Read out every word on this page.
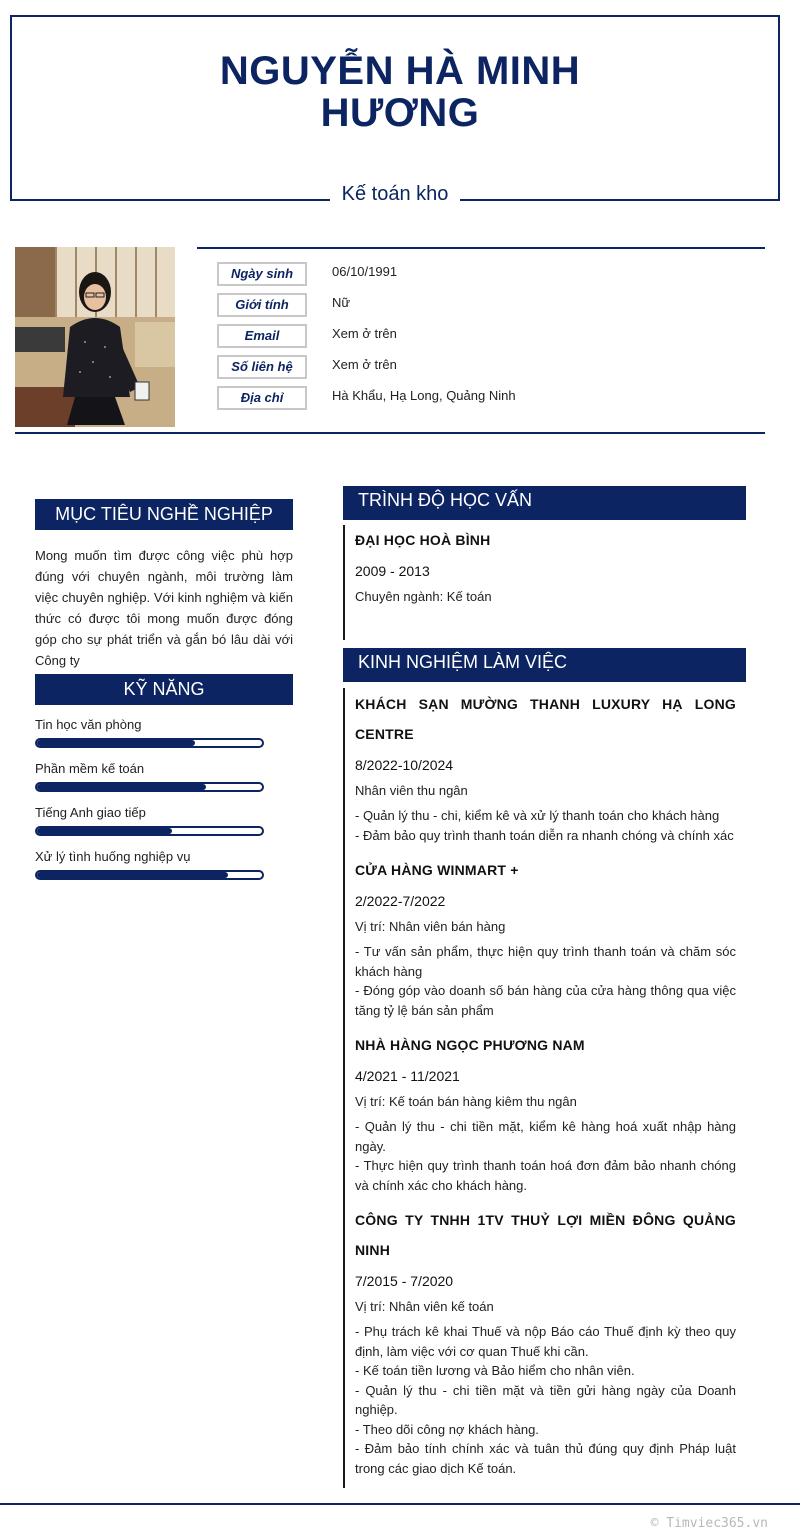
NGUYỄN HÀ MINH
HƯƠNG
Kế toán kho
Ngày sinh	06/10/1991
Giới tính	Nữ
Email	Xem ở trên
Số liên hệ	Xem ở trên
Địa chỉ	Hà Khẩu, Hạ Long, Quảng Ninh
MỤC TIÊU NGHỀ NGHIỆP
Mong muốn tìm được công việc phù hợp đúng với chuyên ngành, môi trường làm việc chuyên nghiệp. Với kinh nghiệm và kiến thức có được tôi mong muốn được đóng góp cho sự phát triển và gắn bó lâu dài với Công ty
KỸ NĂNG
Tin học văn phòng
Phần mềm kế toán
Tiếng Anh giao tiếp
Xử lý tình huống nghiệp vụ
TRÌNH ĐỘ HỌC VẤN
ĐẠI HỌC HOÀ BÌNH
2009 - 2013
Chuyên ngành: Kế toán
KINH NGHIỆM LÀM VIỆC
KHÁCH SẠN MƯỜNG THANH LUXURY HẠ LONG CENTRE
8/2022-10/2024
Nhân viên thu ngân
- Quản lý thu - chi, kiểm kê và xử lý thanh toán cho khách hàng
- Đảm bảo quy trình thanh toán diễn ra nhanh chóng và chính xác
CỬA HÀNG WINMART +
2/2022-7/2022
Vị trí: Nhân viên bán hàng
- Tư vấn sản phẩm, thực hiện quy trình thanh toán và chăm sóc khách hàng
- Đóng góp vào doanh số bán hàng của cửa hàng thông qua việc tăng tỷ lệ bán sản phẩm
NHÀ HÀNG NGỌC PHƯƠNG NAM
4/2021 - 11/2021
Vị trí: Kế toán bán hàng kiêm thu ngân
- Quản lý thu - chi tiền mặt, kiểm kê hàng hoá xuất nhập hàng ngày.
- Thực hiện quy trình thanh toán hoá đơn đảm bảo nhanh chóng và chính xác cho khách hàng.
CÔNG TY TNHH 1TV THUỶ LỢI MIỀN ĐÔNG QUẢNG NINH
7/2015 - 7/2020
Vị trí: Nhân viên kế toán
- Phụ trách kê khai Thuế và nộp Báo cáo Thuế định kỳ theo quy định, làm việc với cơ quan Thuế khi cần.
- Kế toán tiền lương và Bảo hiểm cho nhân viên.
- Quản lý thu - chi tiền mặt và tiền gửi hàng ngày của Doanh nghiệp.
- Theo dõi công nợ khách hàng.
- Đảm bảo tính chính xác và tuân thủ đúng quy định Pháp luật trong các giao dịch Kế toán.
© Timviec365.vn
